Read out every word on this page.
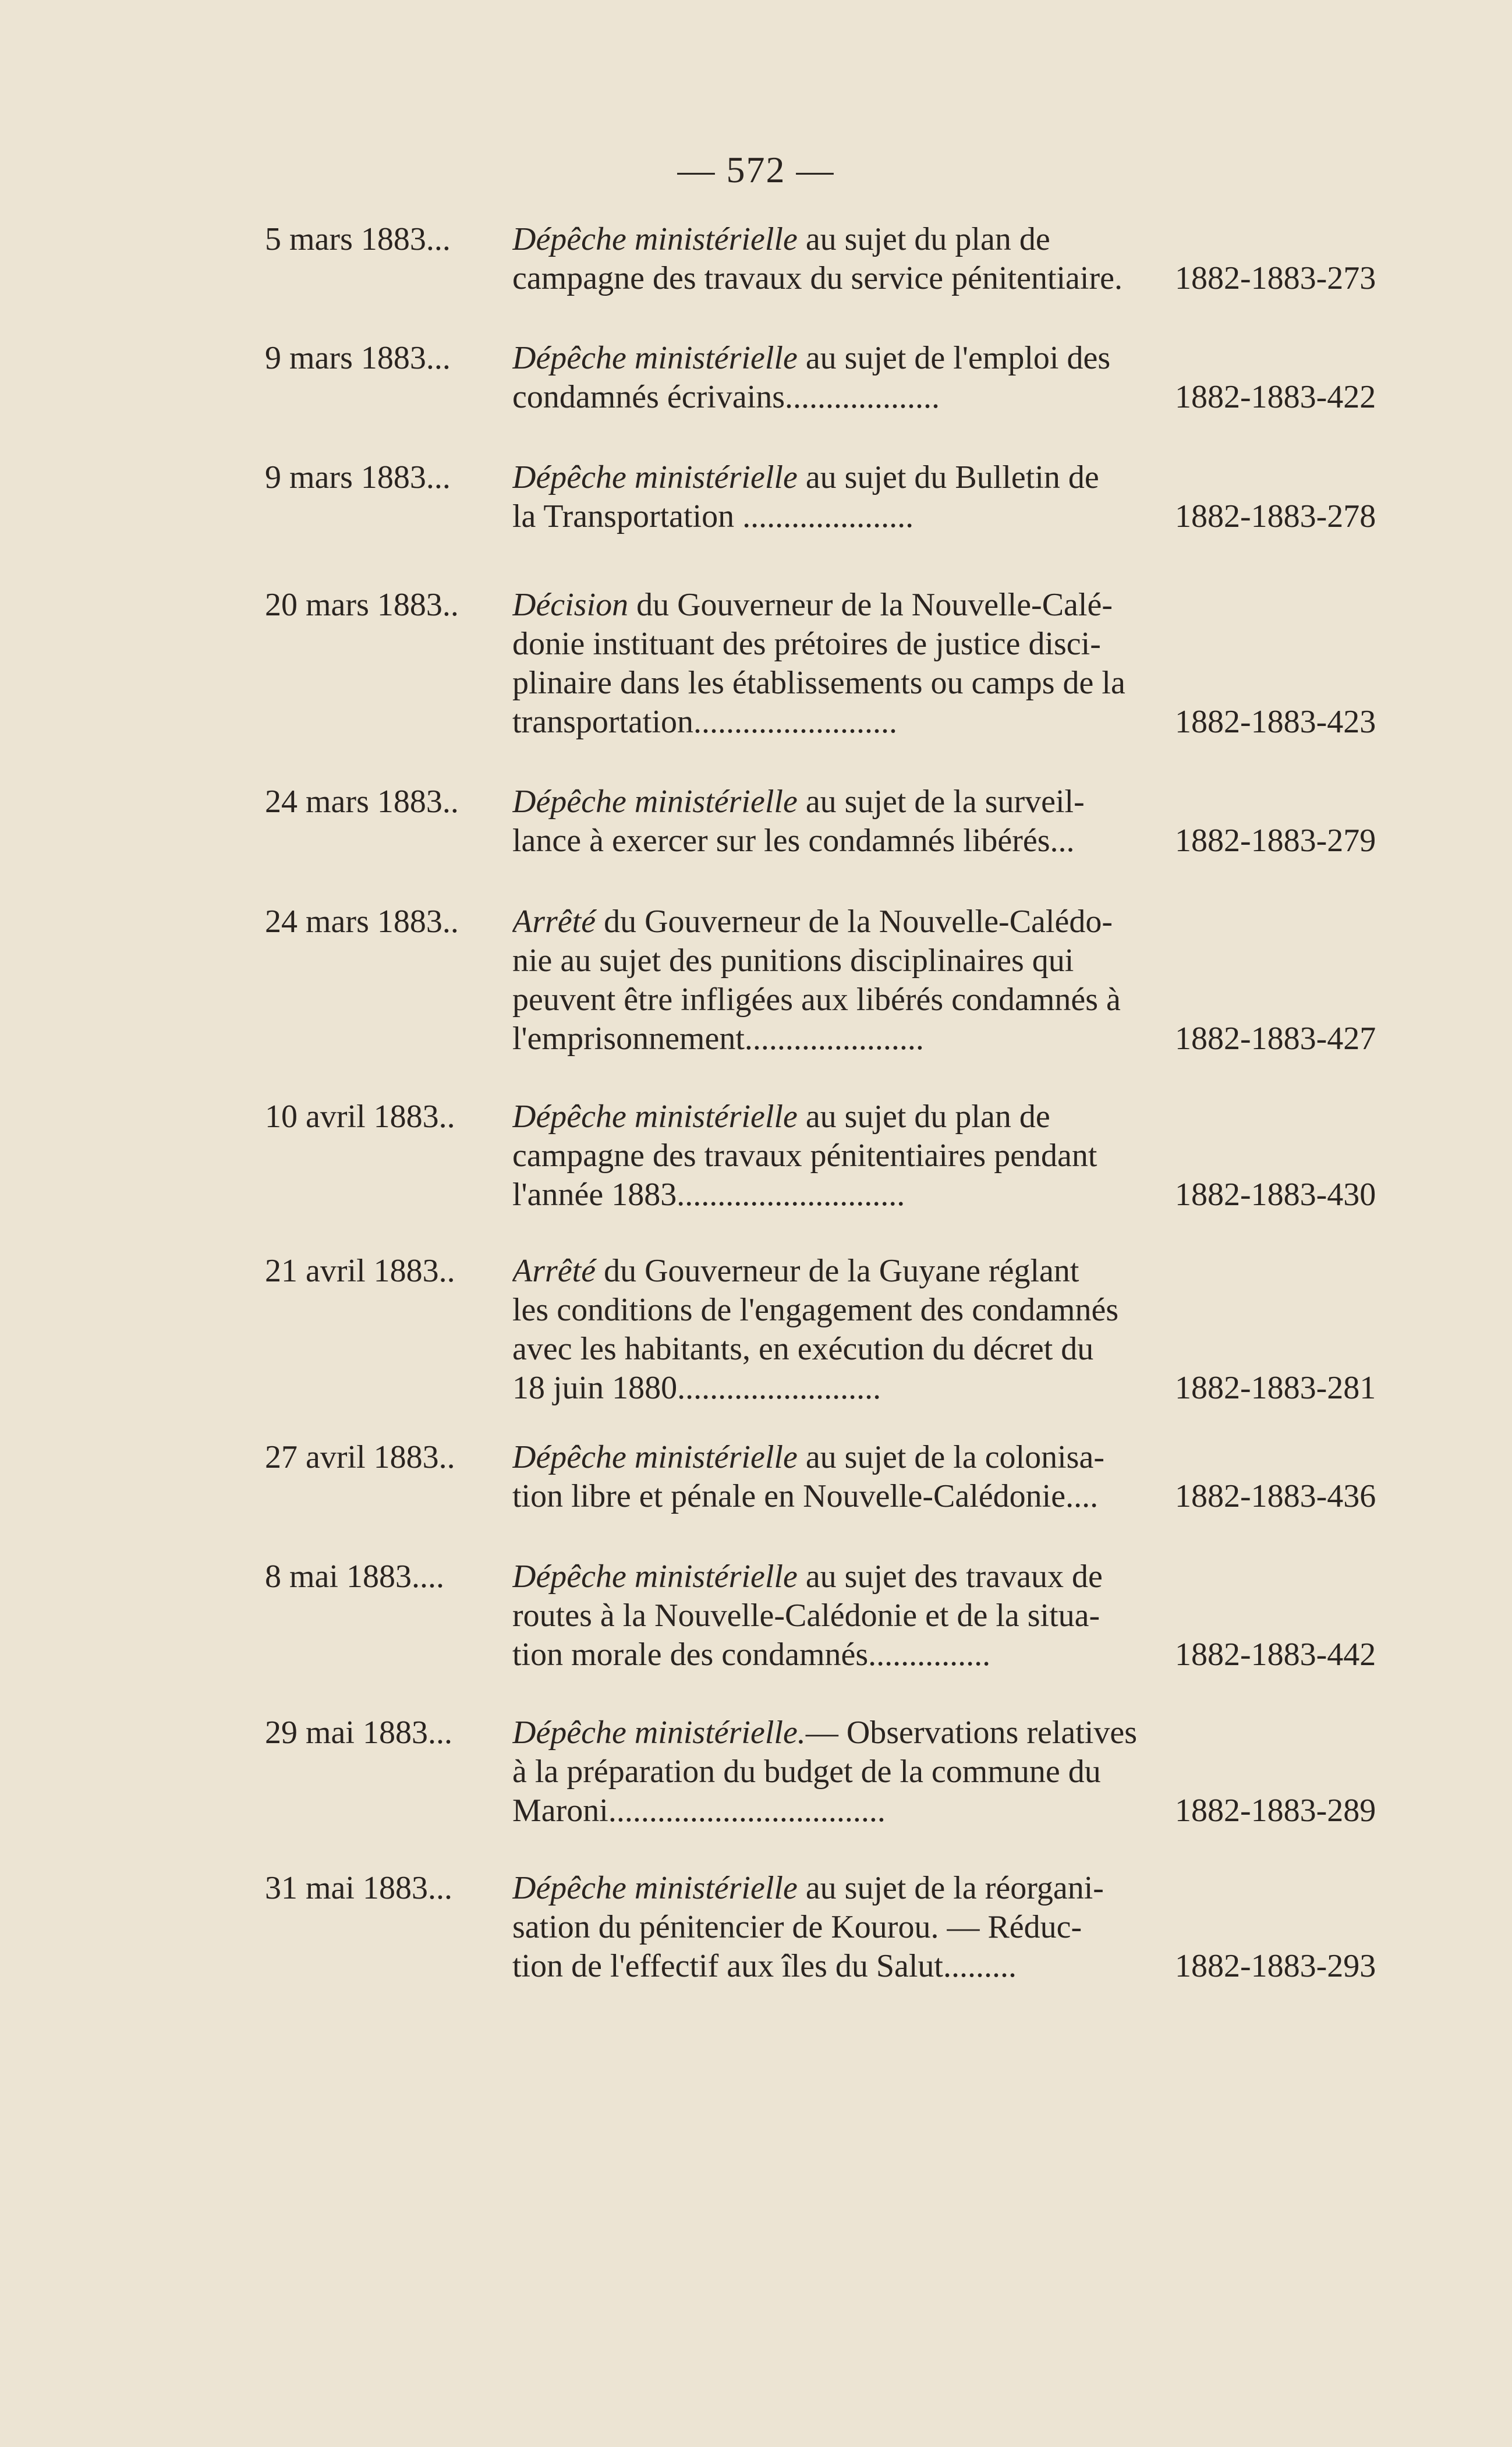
— 572 —
5 mars 1883... Dépêche ministérielle au sujet du plan de
campagne des travaux du service pénitentiaire.	1882-1883-273
9 mars 1883... Dépêche ministérielle au sujet de l'emploi des
condamnés écrivains...................	1882-1883-422
9 mars 1883... Dépêche ministérielle au sujet du Bulletin de
la Transportation .....................	1882-1883-278
20 mars 1883.. Décision du Gouverneur de la Nouvelle-Calé-
donie instituant des prétoires de justice disci-
plinaire dans les établissements ou camps de la
transportation.........................	1882-1883-423
24 mars 1883.. Dépêche ministérielle au sujet de la surveil-
lance à exercer sur les condamnés libérés...	1882-1883-279
24 mars 1883.. Arrêté du Gouverneur de la Nouvelle-Calédo-
nie au sujet des punitions disciplinaires qui
peuvent être infligées aux libérés condamnés à
l'emprisonnement......................	1882-1883-427
10 avril 1883.. Dépêche ministérielle au sujet du plan de
campagne des travaux pénitentiaires pendant
l'année 1883............................	1882-1883-430
21 avril 1883.. Arrêté du Gouverneur de la Guyane réglant
les conditions de l'engagement des condamnés
avec les habitants, en exécution du décret du
18 juin 1880.........................	1882-1883-281
27 avril 1883.. Dépêche ministérielle au sujet de la colonisa-
tion libre et pénale en Nouvelle-Calédonie....	1882-1883-436
8 mai 1883.... Dépêche ministérielle au sujet des travaux de
routes à la Nouvelle-Calédonie et de la situa-
tion morale des condamnés...............	1882-1883-442
29 mai 1883... Dépêche ministérielle.— Observations relatives
à la préparation du budget de la commune du
Maroni..................................	1882-1883-289
31 mai 1883... Dépêche ministérielle au sujet de la réorgani-
sation du pénitencier de Kourou. — Réduc-
tion de l'effectif aux îles du Salut.........	1882-1883-293
